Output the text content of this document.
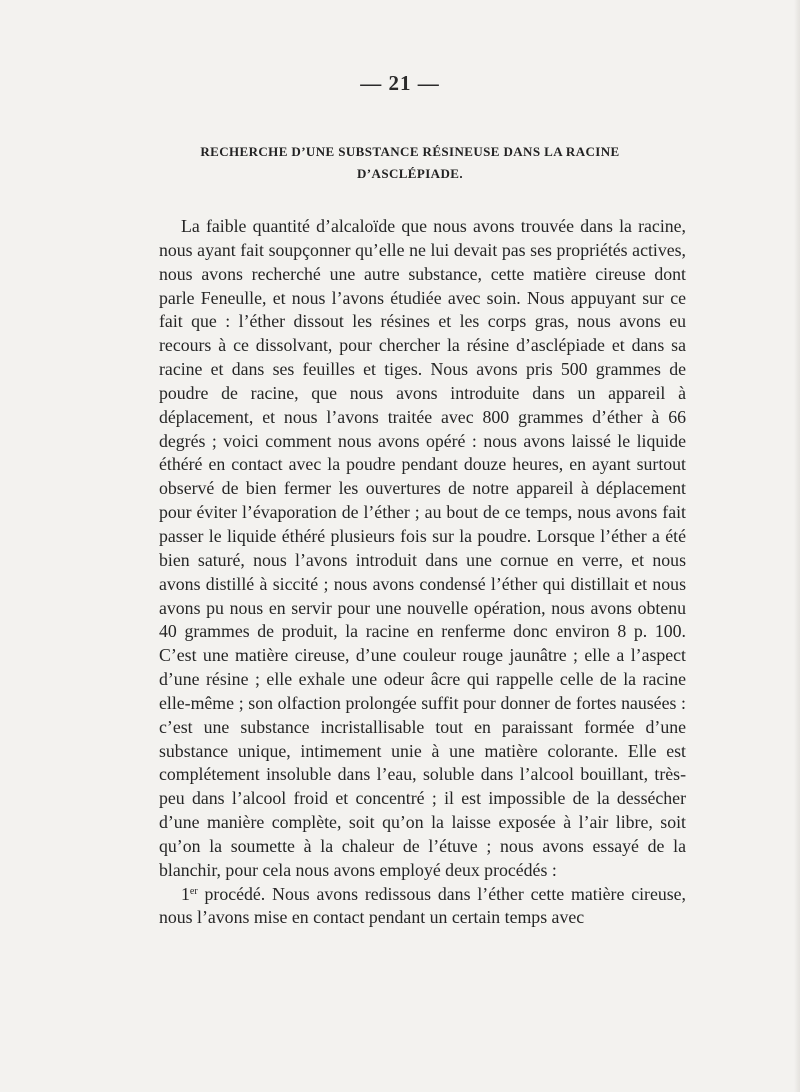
— 21 —
RECHERCHE D’UNE SUBSTANCE RÉSINEUSE DANS LA RACINE
D’ASCLÉPIADE.

La faible quantité d’alcaloïde que nous avons trouvée dans la racine, nous ayant fait soupçonner qu’elle ne lui devait pas ses propriétés actives, nous avons recherché une autre substance, cette matière cireuse dont parle Feneulle, et nous l’avons étudiée avec soin. Nous appuyant sur ce fait que : l’éther dissout les résines et les corps gras, nous avons eu recours à ce dissolvant, pour chercher la résine d’asclépiade et dans sa racine et dans ses feuilles et tiges. Nous avons pris 500 grammes de poudre de racine, que nous avons introduite dans un appareil à déplacement, et nous l’avons traitée avec 800 grammes d’éther à 66 degrés ; voici comment nous avons opéré : nous avons laissé le liquide éthéré en contact avec la poudre pendant douze heures, en ayant surtout observé de bien fermer les ouvertures de notre appareil à déplacement pour éviter l’évaporation de l’éther ; au bout de ce temps, nous avons fait passer le liquide éthéré plusieurs fois sur la poudre. Lorsque l’éther a été bien saturé, nous l’avons introduit dans une cornue en verre, et nous avons distillé à siccité ; nous avons condensé l’éther qui distillait et nous avons pu nous en servir pour une nouvelle opération, nous avons obtenu 40 grammes de produit, la racine en renferme donc environ 8 p. 100. C’est une matière cireuse, d’une couleur rouge jaunâtre ; elle a l’aspect d’une résine ; elle exhale une odeur âcre qui rappelle celle de la racine elle-même ; son olfaction prolongée suffit pour donner de fortes nausées : c’est une substance incristallisable tout en paraissant formée d’une substance unique, intimement unie à une matière colorante. Elle est complétement insoluble dans l’eau, soluble dans l’alcool bouillant, très-peu dans l’alcool froid et concentré ; il est impossible de la dessécher d’une manière complète, soit qu’on la laisse exposée à l’air libre, soit qu’on la soumette à la chaleur de l’étuve ; nous avons essayé de la blanchir, pour cela nous avons employé deux procédés :

1er procédé. Nous avons redissous dans l’éther cette matière cireuse, nous l’avons mise en contact pendant un certain temps avec
